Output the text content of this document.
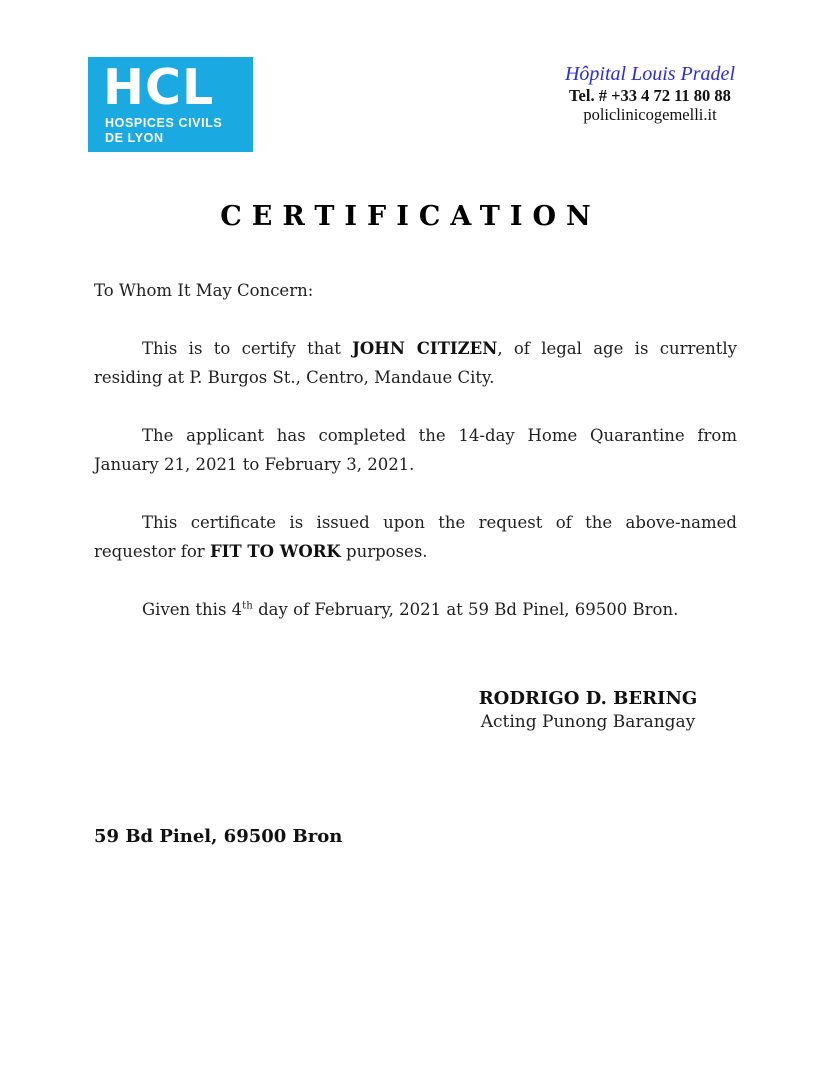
HCL
HOSPICES CIVILS
DE LYON
Hôpital Louis Pradel
Tel. # +33 4 72 11 80 88
policlinicogemelli.it
CERTIFICATION

To Whom It May Concern:

This is to certify that JOHN CITIZEN, of legal age is currently residing at P. Burgos St., Centro, Mandaue City.

The applicant has completed the 14-day Home Quarantine from January 21, 2021 to February 3, 2021.

This certificate is issued upon the request of the above-named requestor for FIT TO WORK purposes.

Given this 4th day of February, 2021 at 59 Bd Pinel, 69500 Bron.

RODRIGO D. BERING
Acting Punong Barangay
59 Bd Pinel, 69500 Bron
